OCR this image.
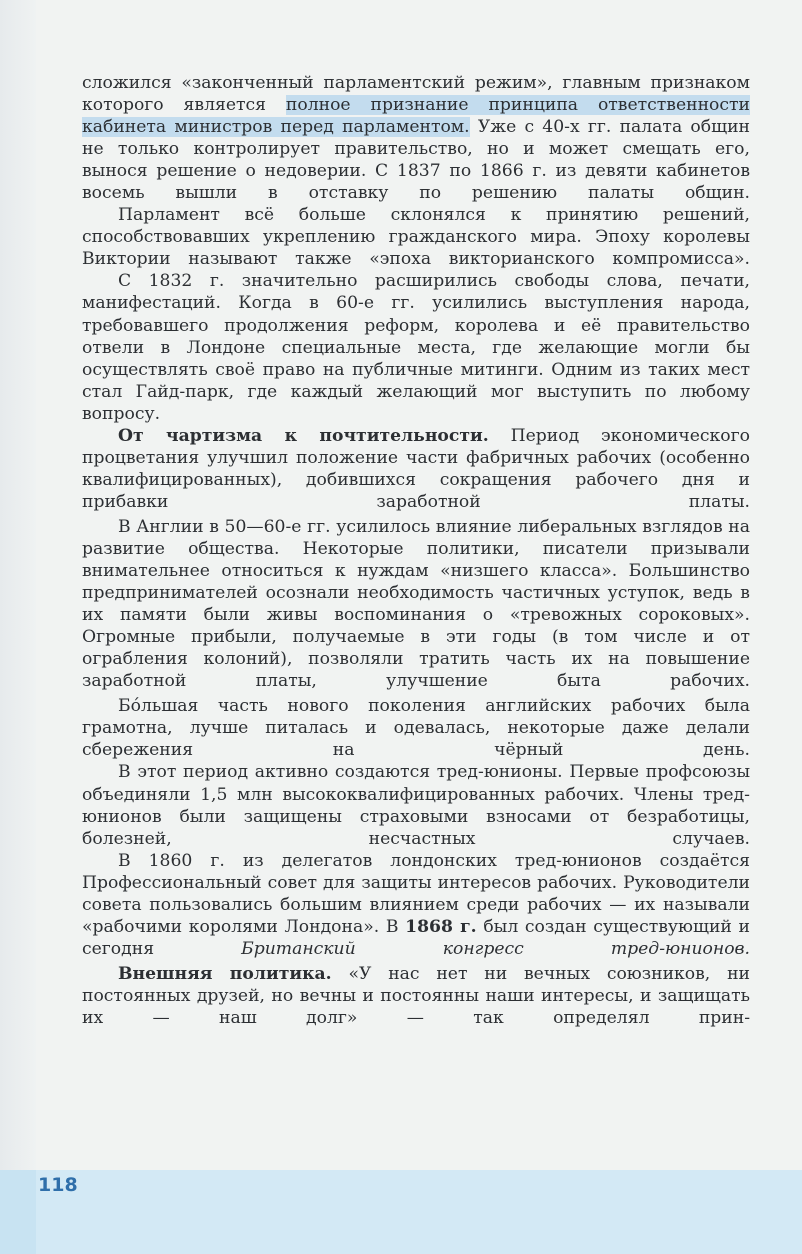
сложился «законченный парламентский режим», главным признаком которого является полное признание принципа ответственности кабинета министров перед парламентом. Уже с 40-х гг. палата общин не только контролирует правительство, но и может смещать его, вынося решение о недоверии. С 1837 по 1866 г. из девяти кабинетов восемь вышли в отставку по решению палаты общин.

Парламент всё больше склонялся к принятию решений, способствовавших укреплению гражданского мира. Эпоху королевы Виктории называют также «эпоха викторианского компромисса».

С 1832 г. значительно расширились свободы слова, печати, манифестаций. Когда в 60-е гг. усилились выступления народа, требовавшего продолжения реформ, королева и её правительство отвели в Лондоне специальные места, где желающие могли бы осуществлять своё право на публичные митинги. Одним из таких мест стал Гайд-парк, где каждый желающий мог выступить по любому вопросу.

От чартизма к почтительности. Период экономического процветания улучшил положение части фабричных рабочих (особенно квалифицированных), добившихся сокращения рабочего дня и прибавки заработной платы.

В Англии в 50—60-е гг. усилилось влияние либеральных взглядов на развитие общества. Некоторые политики, писатели призывали внимательнее относиться к нуждам «низшего класса». Большинство предпринимателей осознали необходимость частичных уступок, ведь в их памяти были живы воспоминания о «тревожных сороковых». Огромные прибыли, получаемые в эти годы (в том числе и от ограбления колоний), позволяли тратить часть их на повышение заработной платы, улучшение быта рабочих.

Бóльшая часть нового поколения английских рабочих была грамотна, лучше питалась и одевалась, некоторые даже делали сбережения на чёрный день.

В этот период активно создаются тред-юнионы. Первые профсоюзы объединяли 1,5 млн высококвалифицированных рабочих. Члены тред-юнионов были защищены страховыми взносами от безработицы, болезней, несчастных случаев.

В 1860 г. из делегатов лондонских тред-юнионов создаётся Профессиональный совет для защиты интересов рабочих. Руководители совета пользовались большим влиянием среди рабочих — их называли «рабочими королями Лондона». В 1868 г. был создан существующий и сегодня Британский конгресс тред-юнионов.

Внешняя политика. «У нас нет ни вечных союзников, ни постоянных друзей, но вечны и постоянны наши интересы, и защищать их — наш долг» — так определял прин-

118
